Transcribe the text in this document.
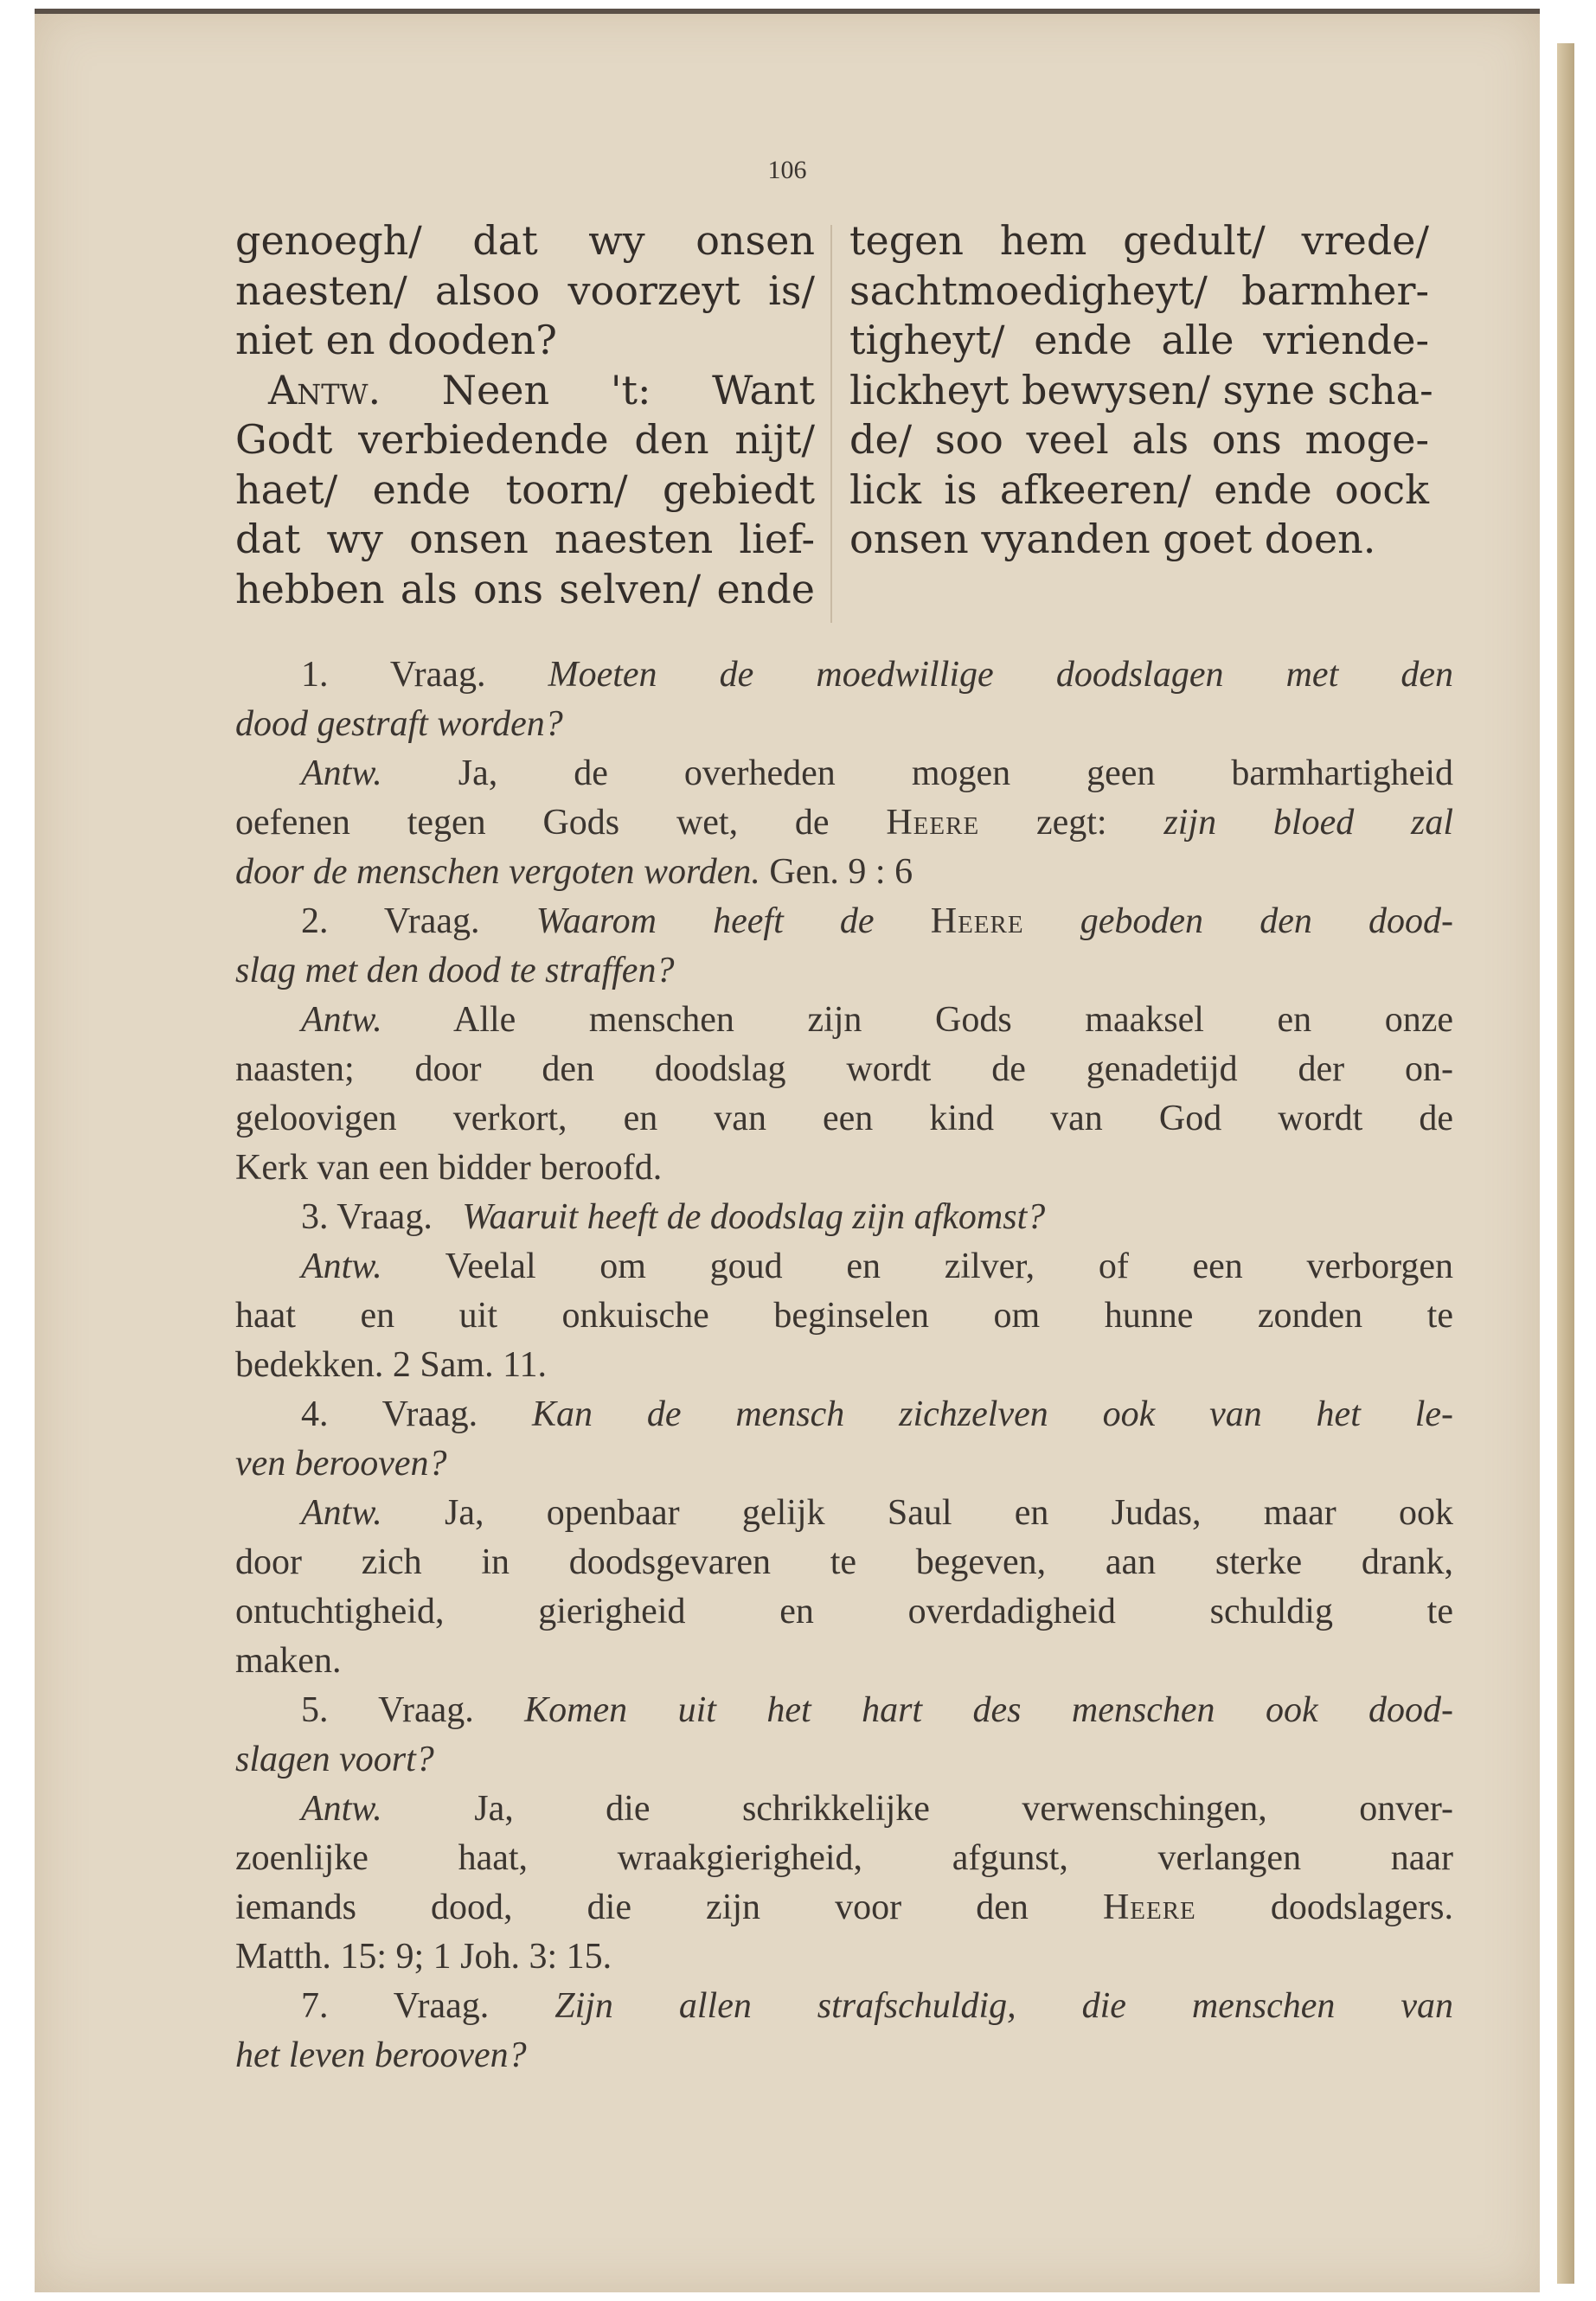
106
genoegh/ dat wy onsen
naesten/ alsoo voorzeyt is/
niet en dooden?
Antw. Neen 't: Want
Godt verbiedende den nijt/
haet/ ende toorn/ gebiedt
dat wy onsen naesten lief-
hebben als ons selven/ ende
tegen hem gedult/ vrede/
sachtmoedigheyt/ barmher-
tigheyt/ ende alle vriende-
lickheyt bewysen/ syne scha-
de/ soo veel als ons moge-
lick is afkeeren/ ende oock
onsen vyanden goet doen.
1. Vraag. Moeten de moedwillige doodslagen met den
dood gestraft worden?
Antw. Ja, de overheden mogen geen barmhartigheid
oefenen tegen Gods wet, de Heere zegt: zijn bloed zal
door de menschen vergoten worden. Gen. 9 : 6
2. Vraag. Waarom heeft de Heere geboden den dood-
slag met den dood te straffen?
Antw. Alle menschen zijn Gods maaksel en onze
naasten; door den doodslag wordt de genadetijd der on-
geloovigen verkort, en van een kind van God wordt de
Kerk van een bidder beroofd.
3. Vraag. Waaruit heeft de doodslag zijn afkomst?
Antw. Veelal om goud en zilver, of een verborgen
haat en uit onkuische beginselen om hunne zonden te
bedekken. 2 Sam. 11.
4. Vraag. Kan de mensch zichzelven ook van het le-
ven berooven?
Antw. Ja, openbaar gelijk Saul en Judas, maar ook
door zich in doodsgevaren te begeven, aan sterke drank,
ontuchtigheid, gierigheid en overdadigheid schuldig te
maken.
5. Vraag. Komen uit het hart des menschen ook dood-
slagen voort?
Antw.	Ja, die schrikkelijke verwenschingen, onver-
zoenlijke haat, wraakgierigheid, afgunst, verlangen naar
iemands dood, die zijn voor den Heere doodslagers.
Matth. 15: 9; 1 Joh. 3: 15.
7. Vraag. Zijn allen strafschuldig, die menschen van
het leven berooven?
